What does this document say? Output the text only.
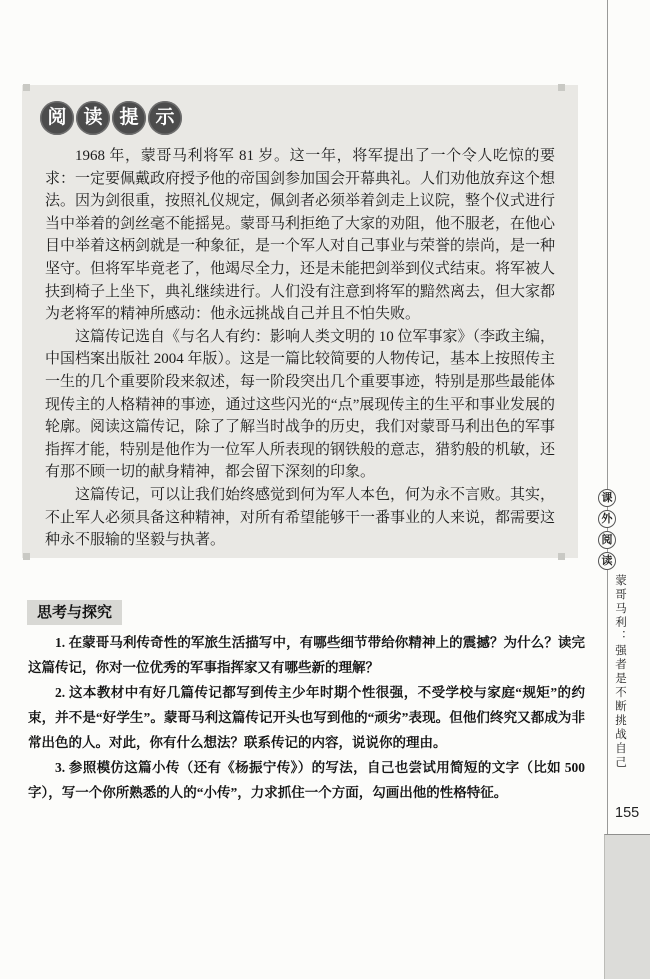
阅 读 提 示

1968 年，蒙哥马利将军 81 岁。这一年，将军提出了一个令人吃惊的要求：一定要佩戴政府授予他的帝国剑参加国会开幕典礼。人们劝他放弃这个想法。因为剑很重，按照礼仪规定，佩剑者必须举着剑走上议院，整个仪式进行当中举着的剑丝毫不能摇晃。蒙哥马利拒绝了大家的劝阻，他不服老，在他心目中举着这柄剑就是一种象征，是一个军人对自己事业与荣誉的崇尚，是一种坚守。但将军毕竟老了，他竭尽全力，还是未能把剑举到仪式结束。将军被人扶到椅子上坐下，典礼继续进行。人们没有注意到将军的黯然离去，但大家都为老将军的精神所感动：他永远挑战自己并且不怕失败。

这篇传记选自《与名人有约：影响人类文明的 10 位军事家》（李政主编，中国档案出版社 2004 年版）。这是一篇比较简要的人物传记，基本上按照传主一生的几个重要阶段来叙述，每一阶段突出几个重要事迹，特别是那些最能体现传主的人格精神的事迹，通过这些闪光的“点”展现传主的生平和事业发展的轮廓。阅读这篇传记，除了了解当时战争的历史，我们对蒙哥马利出色的军事指挥才能，特别是他作为一位军人所表现的钢铁般的意志，猎豹般的机敏，还有那不顾一切的献身精神，都会留下深刻的印象。

这篇传记，可以让我们始终感觉到何为军人本色，何为永不言败。其实，不止军人必须具备这种精神，对所有希望能够干一番事业的人来说，都需要这种永不服输的坚毅与执著。

思考与探究

1. 在蒙哥马利传奇性的军旅生活描写中，有哪些细节带给你精神上的震撼？为什么？读完这篇传记，你对一位优秀的军事指挥家又有哪些新的理解？

2. 这本教材中有好几篇传记都写到传主少年时期个性很强，不受学校与家庭“规矩”的约束，并不是“好学生”。蒙哥马利这篇传记开头也写到他的“顽劣”表现。但他们终究又都成为非常出色的人。对此，你有什么想法？联系传记的内容，说说你的理由。

3. 参照模仿这篇小传（还有《杨振宁传》）的写法，自己也尝试用简短的文字（比如 500 字），写一个你所熟悉的人的“小传”，力求抓住一个方面，勾画出他的性格特征。

课
外
阅
读
蒙哥马利：强者是不断挑战自己
155
